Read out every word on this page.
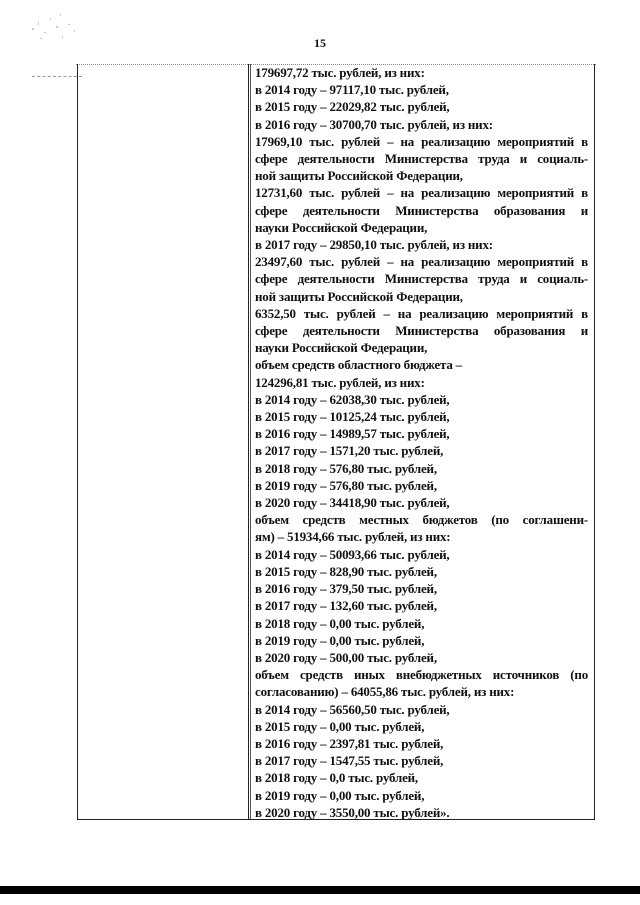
15
179697,72 тыс. рублей, из них:
в 2014 году – 97117,10 тыс. рублей,
в 2015 году – 22029,82 тыс. рублей,
в 2016 году – 30700,70 тыс. рублей, из них:
17969,10 тыс. рублей – на реализацию мероприятий в
сфере деятельности Министерства труда и социаль-
ной защиты Российской Федерации,
12731,60 тыс. рублей – на реализацию мероприятий в
сфере деятельности Министерства образования и
науки Российской Федерации,
в 2017 году – 29850,10 тыс. рублей, из них:
23497,60 тыс. рублей – на реализацию мероприятий в
сфере деятельности Министерства труда и социаль-
ной защиты Российской Федерации,
6352,50 тыс. рублей – на реализацию мероприятий в
сфере деятельности Министерства образования и
науки Российской Федерации,
объем средств областного бюджета –
124296,81 тыс. рублей, из них:
в 2014 году – 62038,30 тыс. рублей,
в 2015 году – 10125,24 тыс. рублей,
в 2016 году – 14989,57 тыс. рублей,
в 2017 году – 1571,20 тыс. рублей,
в 2018 году – 576,80 тыс. рублей,
в 2019 году – 576,80 тыс. рублей,
в 2020 году – 34418,90 тыс. рублей,
объем средств местных бюджетов (по соглашени-
ям) – 51934,66 тыс. рублей, из них:
в 2014 году – 50093,66 тыс. рублей,
в 2015 году – 828,90 тыс. рублей,
в 2016 году – 379,50 тыс. рублей,
в 2017 году – 132,60 тыс. рублей,
в 2018 году – 0,00 тыс. рублей,
в 2019 году – 0,00 тыс. рублей,
в 2020 году – 500,00 тыс. рублей,
объем средств иных внебюджетных источников (по
согласованию) – 64055,86 тыс. рублей, из них:
в 2014 году – 56560,50 тыс. рублей,
в 2015 году – 0,00 тыс. рублей,
в 2016 году – 2397,81 тыс. рублей,
в 2017 году – 1547,55 тыс. рублей,
в 2018 году – 0,0 тыс. рублей,
в 2019 году – 0,00 тыс. рублей,
в 2020 году – 3550,00 тыс. рублей».
